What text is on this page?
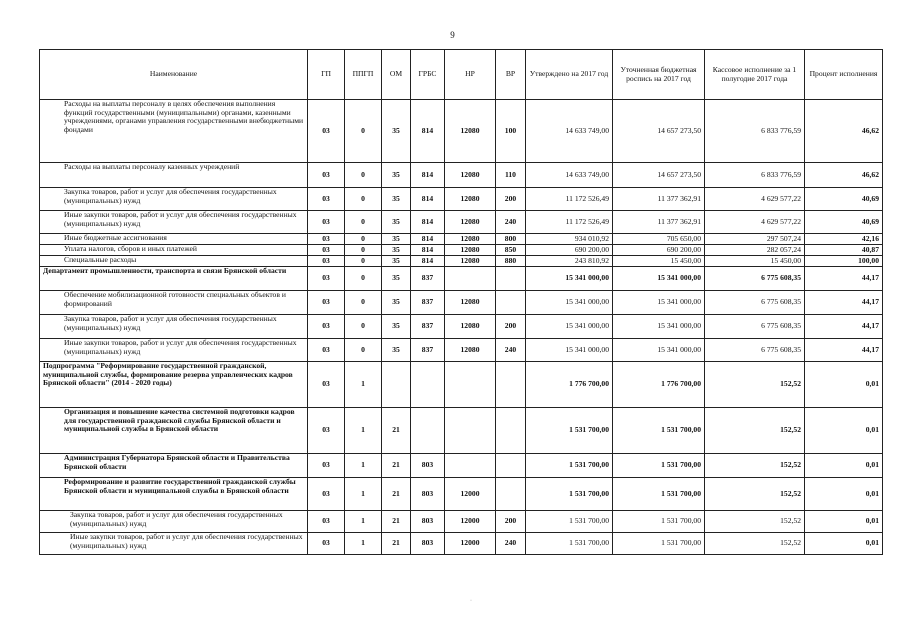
9
Наименование	ГП	ППГП	ОМ	ГРБС	НР	ВР	Утверждено на 2017 год	Уточненная бюджетная роспись на 2017 год	Кассовое исполнение за 1 полугодие 2017 года	Процент исполнения
Расходы на выплаты персоналу в целях обеспечения выполнения функций государственными (муниципальными) органами, казенными учреждениями, органами управления государственными внебюджетными фондами	03	0	35	814	12080	100	14 633 749,00	14 657 273,50	6 833 776,59	46,62
Расходы на выплаты персоналу казенных учреждений	03	0	35	814	12080	110	14 633 749,00	14 657 273,50	6 833 776,59	46,62
Закупка товаров, работ и услуг для обеспечения государственных (муниципальных) нужд	03	0	35	814	12080	200	11 172 526,49	11 377 362,91	4 629 577,22	40,69
Иные закупки товаров, работ и услуг для обеспечения государственных (муниципальных) нужд	03	0	35	814	12080	240	11 172 526,49	11 377 362,91	4 629 577,22	40,69
Иные бюджетные ассигнования	03	0	35	814	12080	800	934 010,92	705 650,00	297 507,24	42,16
Уплата налогов, сборов и иных платежей	03	0	35	814	12080	850	690 200,00	690 200,00	282 057,24	40,87
Специальные расходы	03	0	35	814	12080	880	243 810,92	15 450,00	15 450,00	100,00
Департамент промышленности, транспорта и связи Брянской области	03	0	35	837			15 341 000,00	15 341 000,00	6 775 608,35	44,17
Обеспечение мобилизационной готовности специальных объектов и формирований	03	0	35	837	12080		15 341 000,00	15 341 000,00	6 775 608,35	44,17
Закупка товаров, работ и услуг для обеспечения государственных (муниципальных) нужд	03	0	35	837	12080	200	15 341 000,00	15 341 000,00	6 775 608,35	44,17
Иные закупки товаров, работ и услуг для обеспечения государственных (муниципальных) нужд	03	0	35	837	12080	240	15 341 000,00	15 341 000,00	6 775 608,35	44,17
Подпрограмма "Реформирование государственной гражданской, муниципальной службы, формирование резерва управленческих кадров Брянской области" (2014 - 2020 годы)	03	1					1 776 700,00	1 776 700,00	152,52	0,01
Организация и повышение качества системной подготовки кадров для государственной гражданской службы Брянской области и муниципальной службы в Брянской области	03	1	21				1 531 700,00	1 531 700,00	152,52	0,01
Администрация Губернатора Брянской области и Правительства Брянской области	03	1	21	803			1 531 700,00	1 531 700,00	152,52	0,01
Реформирование и развитие государственной гражданской службы Брянской области и муниципальной службы в Брянской области	03	1	21	803	12000		1 531 700,00	1 531 700,00	152,52	0,01
Закупка товаров, работ и услуг для обеспечения государственных (муниципальных) нужд	03	1	21	803	12000	200	1 531 700,00	1 531 700,00	152,52	0,01
Иные закупки товаров, работ и услуг для обеспечения государственных (муниципальных) нужд	03	1	21	803	12000	240	1 531 700,00	1 531 700,00	152,52	0,01
·
